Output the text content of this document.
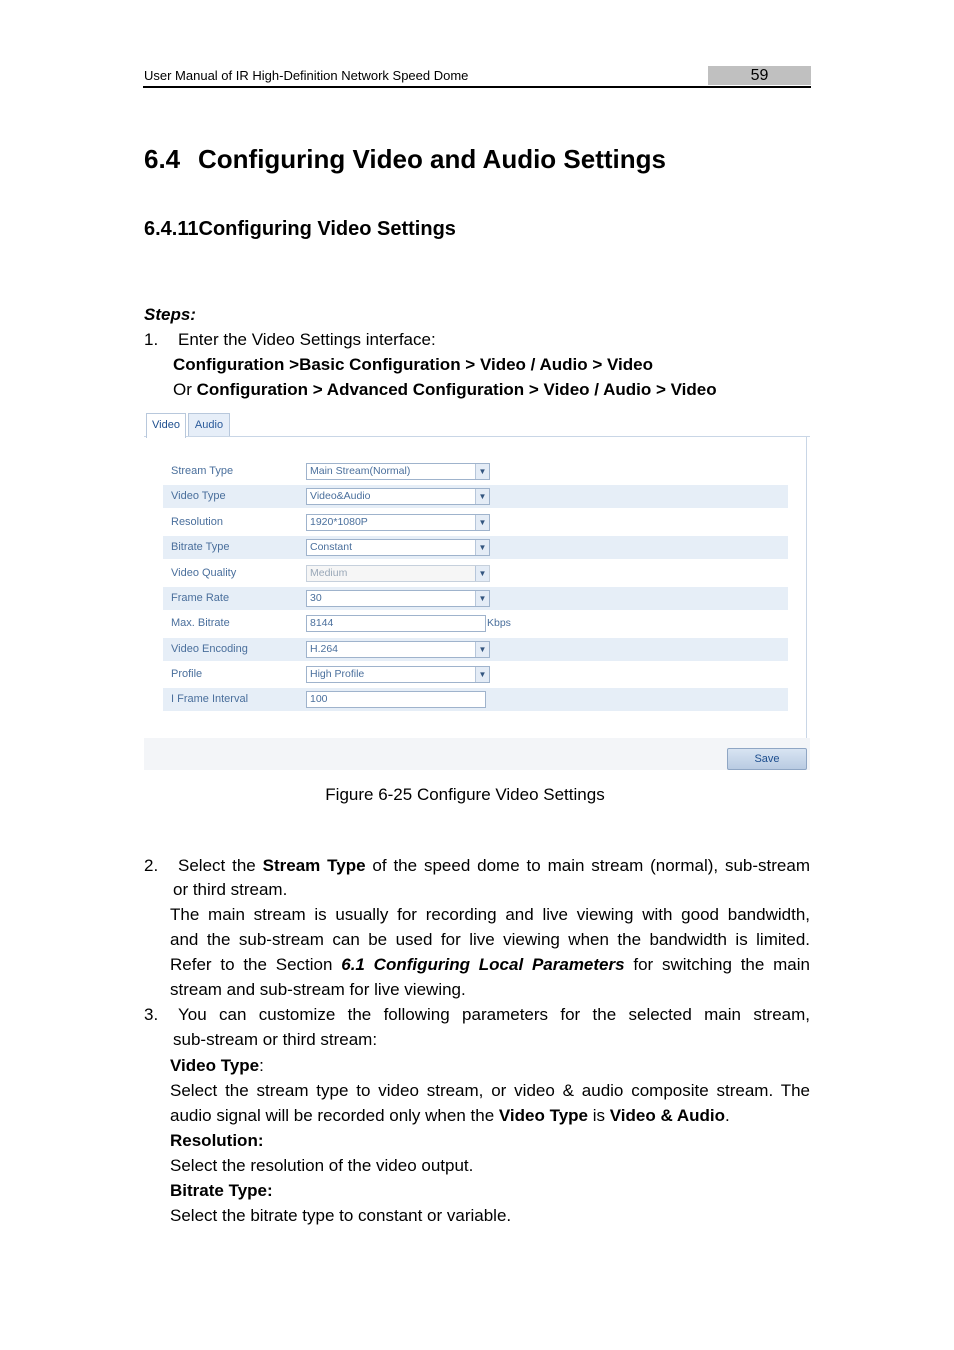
User Manual of IR High-Definition Network Speed Dome	59
6.4 Configuring Video and Audio Settings
6.4.11Configuring Video Settings
Steps:
1. Enter the Video Settings interface:
Configuration >Basic Configuration > Video / Audio > Video
Or Configuration > Advanced Configuration > Video / Audio > Video
Video	Audio
Stream Type	Main Stream(Normal)	▼
Video Type	Video&Audio	▼
Resolution	1920*1080P	▼
Bitrate Type	Constant	▼
Video Quality	Medium	▼
Frame Rate	30	▼
Max. Bitrate	8144	Kbps
Video Encoding	H.264	▼
Profile	High Profile	▼
I Frame Interval	100
Save
Figure 6-25 Configure Video Settings
2. Select the Stream Type of the speed dome to main stream (normal), sub-stream
or third stream.
The main stream is usually for recording and live viewing with good bandwidth,
and the sub-stream can be used for live viewing when the bandwidth is limited.
Refer to the Section 6.1 Configuring Local Parameters for switching the main
stream and sub-stream for live viewing.
3. You can customize the following parameters for the selected main stream,
sub-stream or third stream:
Video Type:
Select the stream type to video stream, or video & audio composite stream. The
audio signal will be recorded only when the Video Type is Video & Audio.
Resolution:
Select the resolution of the video output.
Bitrate Type:
Select the bitrate type to constant or variable.
